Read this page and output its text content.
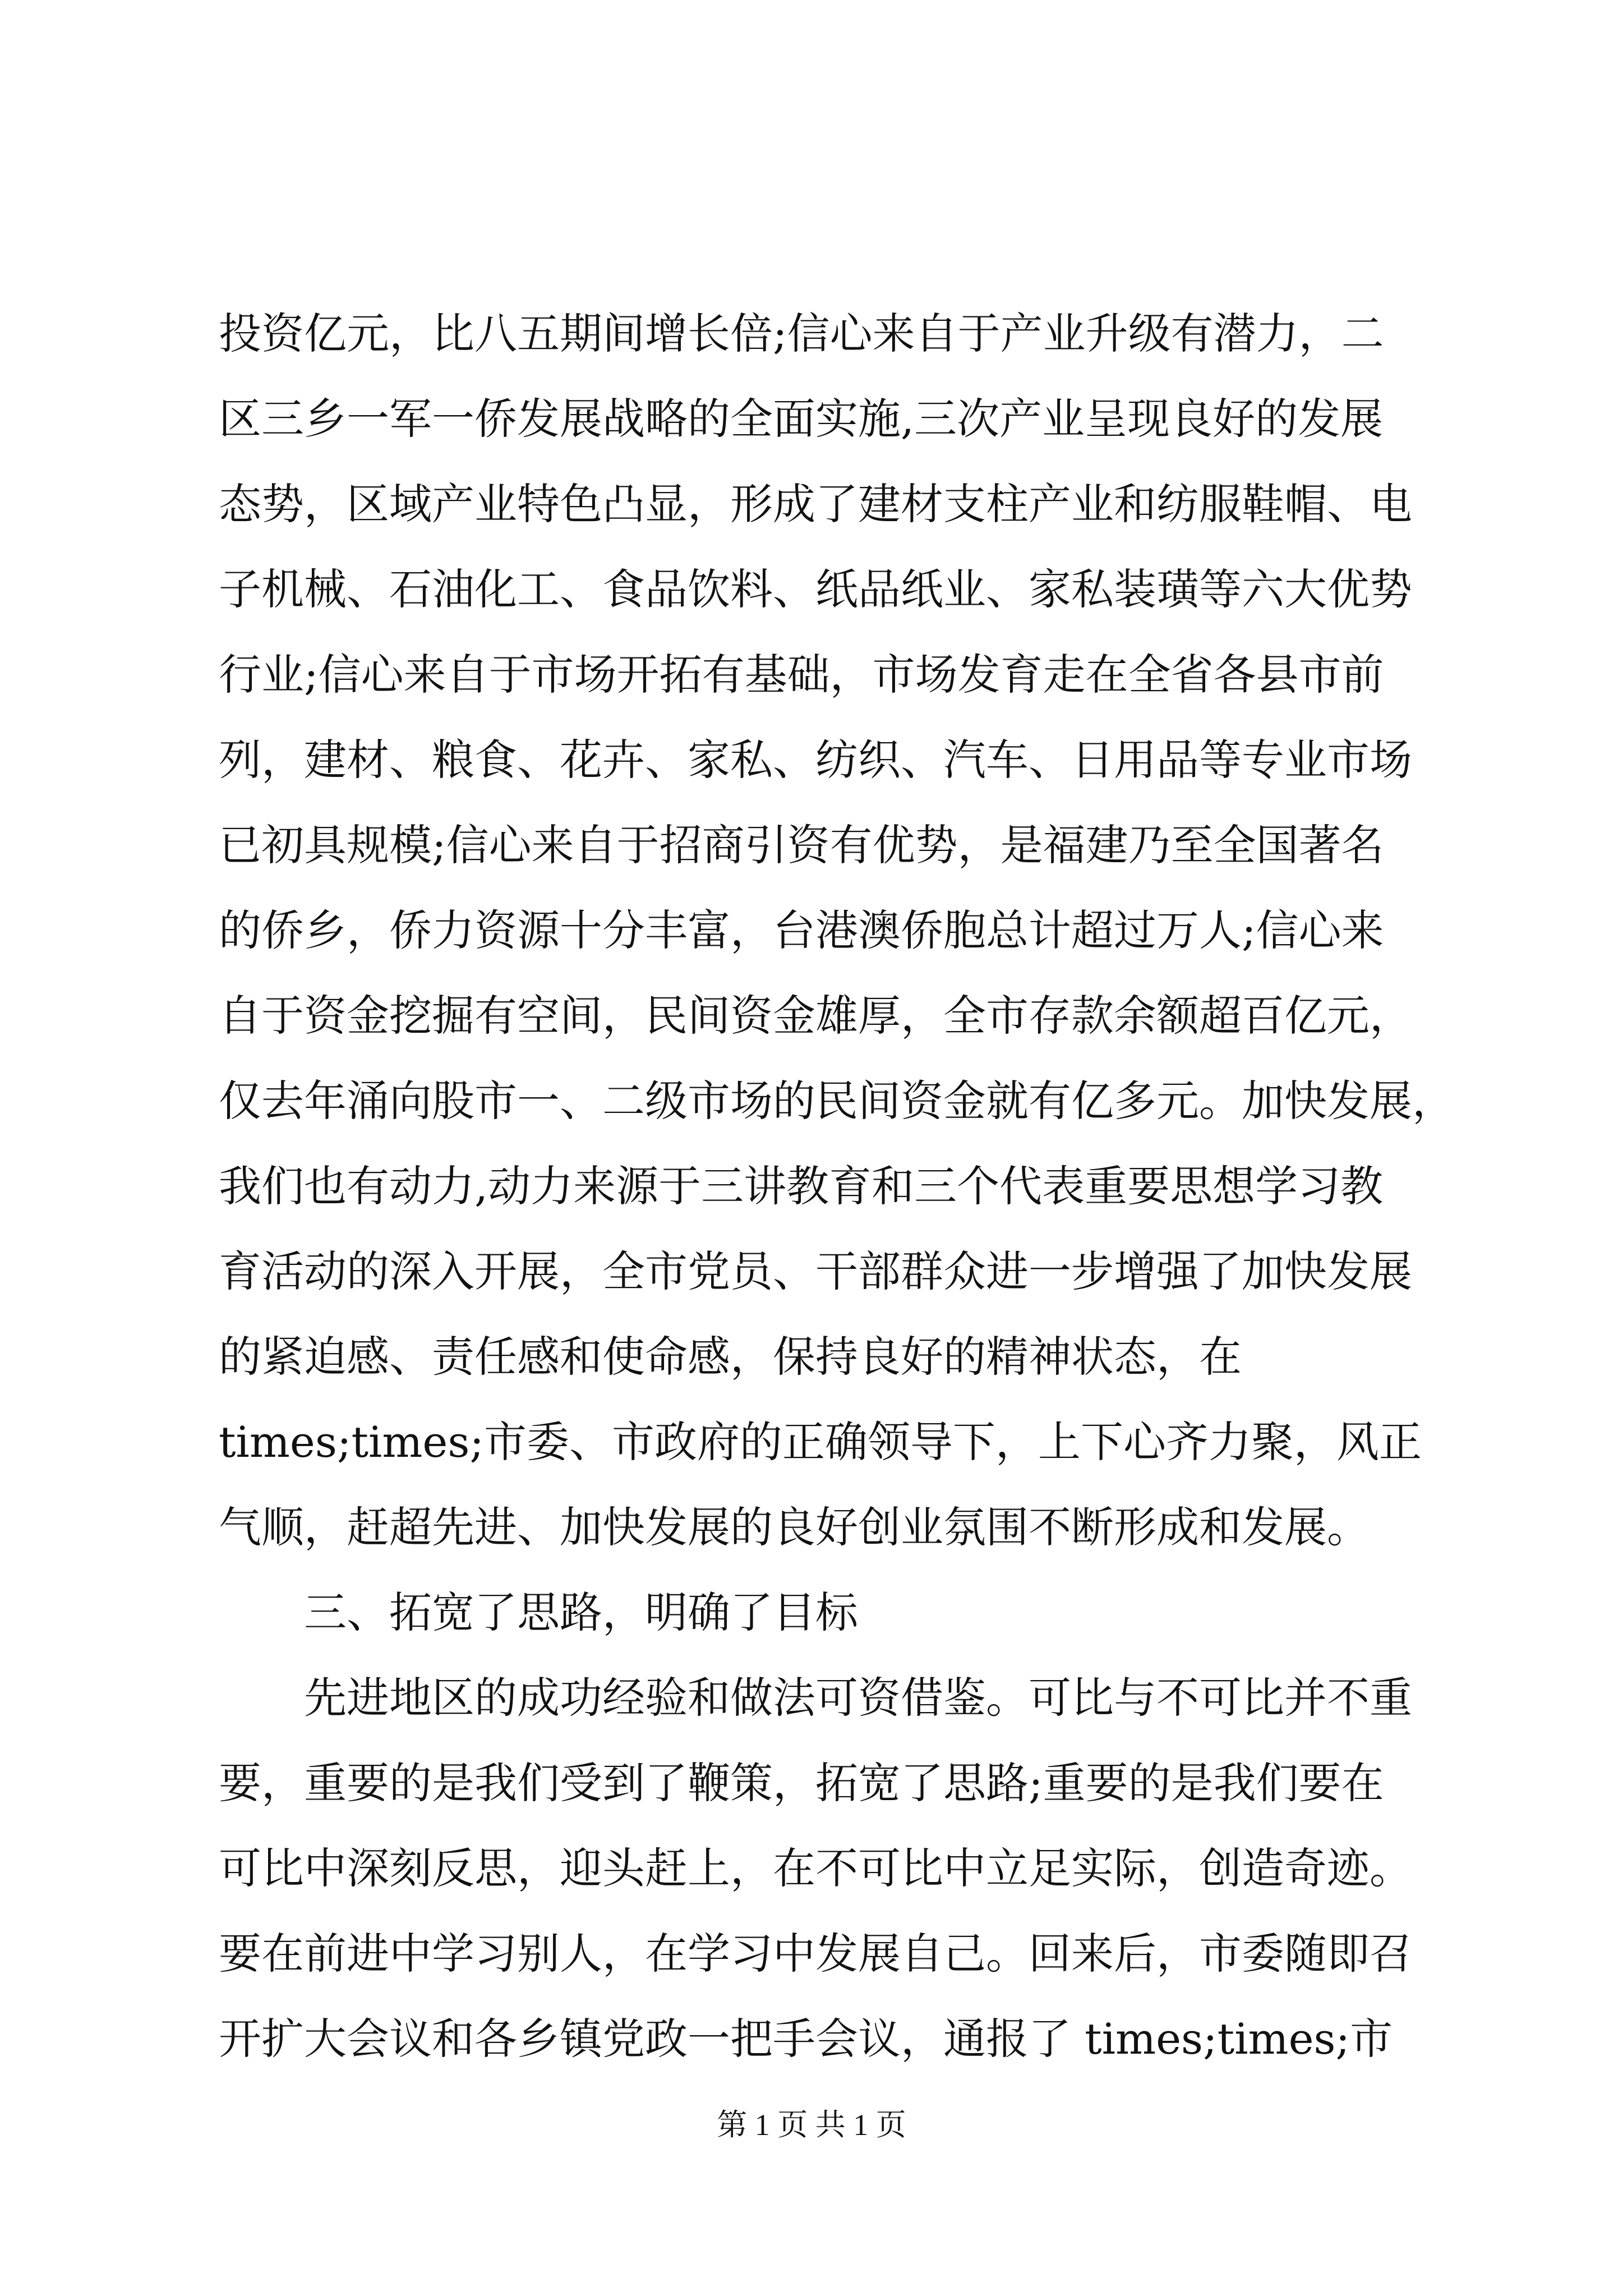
投资亿元，比八五期间增长倍;信心来自于产业升级有潜力，二
区三乡一军一侨发展战略的全面实施,三次产业呈现良好的发展
态势，区域产业特色凸显，形成了建材支柱产业和纺服鞋帽、电
子机械、石油化工、食品饮料、纸品纸业、家私装璜等六大优势
行业;信心来自于市场开拓有基础，市场发育走在全省各县市前
列，建材、粮食、花卉、家私、纺织、汽车、日用品等专业市场
已初具规模;信心来自于招商引资有优势，是福建乃至全国著名
的侨乡，侨力资源十分丰富，台港澳侨胞总计超过万人;信心来
自于资金挖掘有空间，民间资金雄厚，全市存款余额超百亿元，
仅去年涌向股市一、二级市场的民间资金就有亿多元。加快发展，
我们也有动力,动力来源于三讲教育和三个代表重要思想学习教
育活动的深入开展，全市党员、干部群众进一步增强了加快发展
的紧迫感、责任感和使命感，保持良好的精神状态，在
times;times;市委、市政府的正确领导下，上下心齐力聚，风正
气顺，赶超先进、加快发展的良好创业氛围不断形成和发展。
三、拓宽了思路，明确了目标
先进地区的成功经验和做法可资借鉴。可比与不可比并不重
要，重要的是我们受到了鞭策，拓宽了思路;重要的是我们要在
可比中深刻反思，迎头赶上，在不可比中立足实际，创造奇迹。
要在前进中学习别人，在学习中发展自己。回来后，市委随即召
开扩大会议和各乡镇党政一把手会议，通报了 times;times;市
第 1 页 共 1 页
